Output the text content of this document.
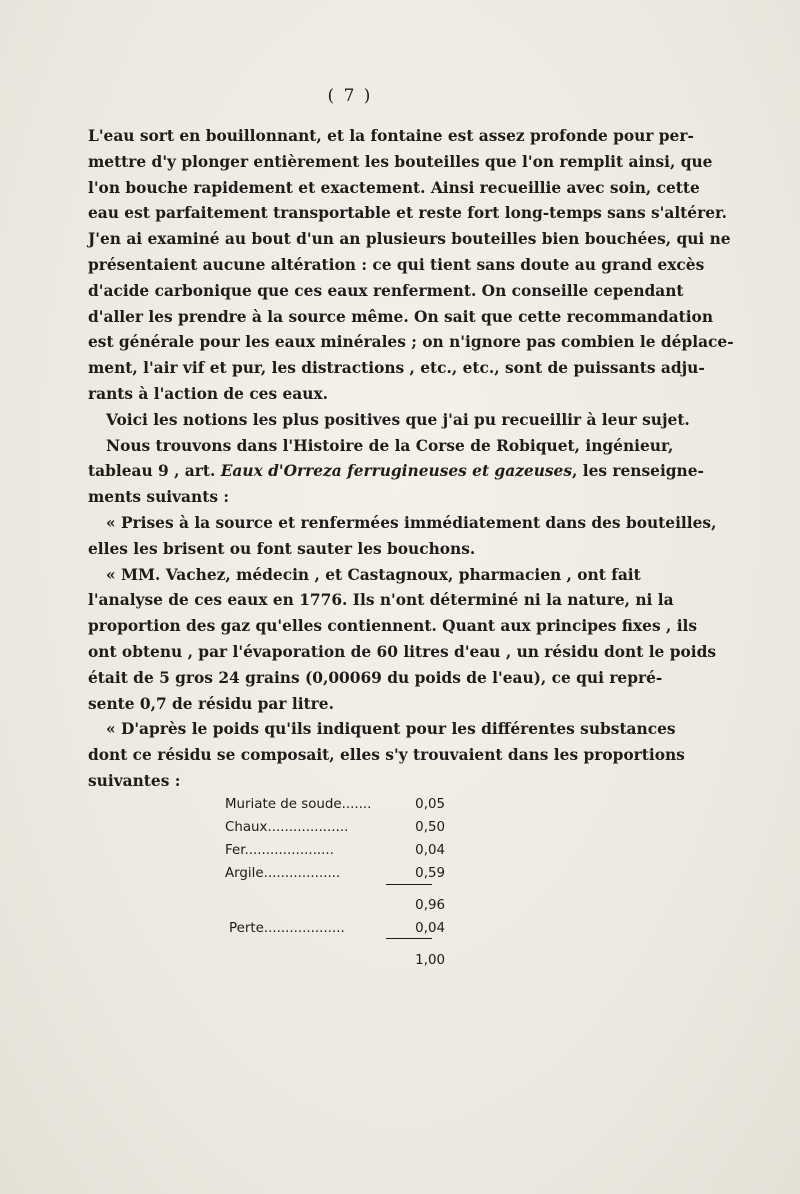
( 7 )

L'eau sort en bouillonnant, et la fontaine est assez profonde pour per-
mettre d'y plonger entièrement les bouteilles que l'on remplit ainsi, que
l'on bouche rapidement et exactement. Ainsi recueillie avec soin, cette
eau est parfaitement transportable et reste fort long-temps sans s'altérer.
J'en ai examiné au bout d'un an plusieurs bouteilles bien bouchées, qui ne
présentaient aucune altération : ce qui tient sans doute au grand excès
d'acide carbonique que ces eaux renferment. On conseille cependant
d'aller les prendre à la source même. On sait que cette recommandation
est générale pour les eaux minérales ; on n'ignore pas combien le déplace-
ment, l'air vif et pur, les distractions , etc., etc., sont de puissants adju-
rants à l'action de ces eaux.

Voici les notions les plus positives que j'ai pu recueillir à leur sujet.

Nous trouvons dans l'Histoire de la Corse de Robiquet, ingénieur,
tableau 9 , art. Eaux d'Orreza ferrugineuses et gazeuses, les renseigne-
ments suivants :

« Prises à la source et renfermées immédiatement dans des bouteilles,
elles les brisent ou font sauter les bouchons.

« MM. Vachez, médecin , et Castagnoux, pharmacien , ont fait
l'analyse de ces eaux en 1776. Ils n'ont déterminé ni la nature, ni la
proportion des gaz qu'elles contiennent. Quant aux principes fixes , ils
ont obtenu , par l'évaporation de 60 litres d'eau , un résidu dont le poids
était de 5 gros 24 grains (0,00069 du poids de l'eau), ce qui repré-
sente 0,7 de résidu par litre.

« D'après le poids qu'ils indiquent pour les différentes substances
dont ce résidu se composait, elles s'y trouvaient dans les proportions
suivantes :

Muriate de soude.......	0,05
Chaux...................	0,50
Fer.....................	0,04
Argile..................	0,59
0,96
Perte...................	0,04
1,00
